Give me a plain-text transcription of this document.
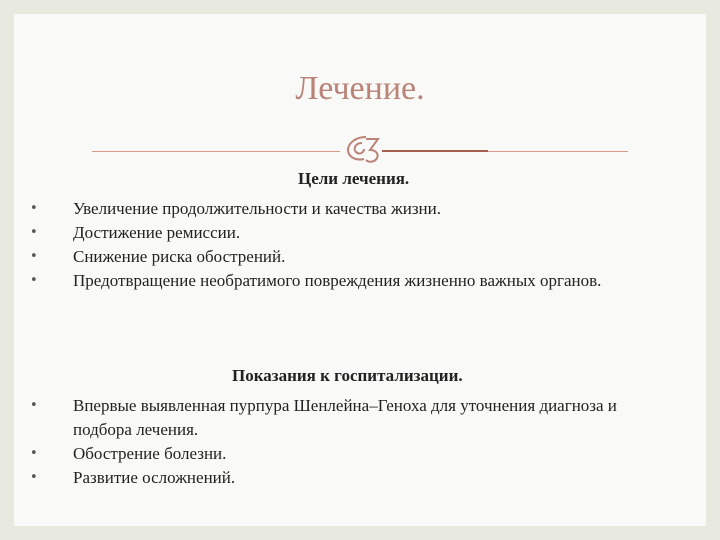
Лечение.
Цели лечения.
• Увеличение продолжительности и качества жизни.
• Достижение ремиссии.
• Снижение риска обострений.
• Предотвращение необратимого повреждения жизненно важных органов.
Показания к госпитализации.
• Впервые выявленная пурпура Шенлейна–Геноха для уточнения диагноза и подбора лечения.
• Обострение болезни.
• Развитие осложнений.
